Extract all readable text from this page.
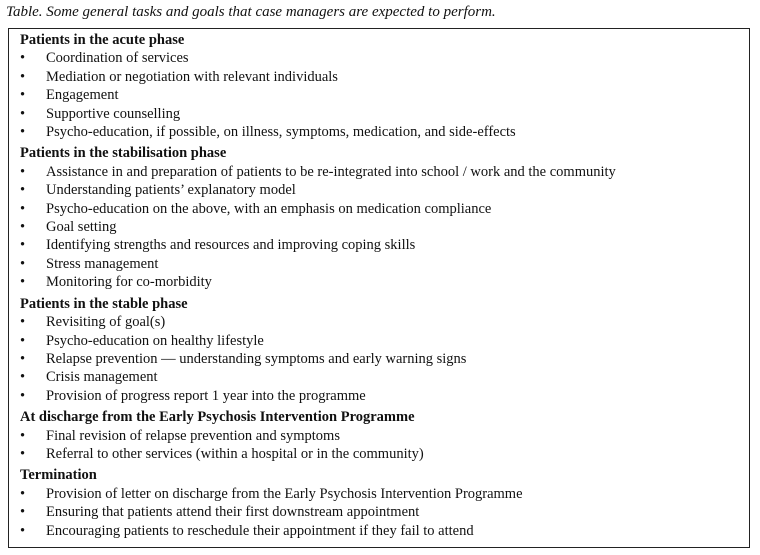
Table. Some general tasks and goals that case managers are expected to perform.
Patients in the acute phase
•	Coordination of services
•	Mediation or negotiation with relevant individuals
•	Engagement
•	Supportive counselling
•	Psycho-education, if possible, on illness, symptoms, medication, and side-effects
Patients in the stabilisation phase
•	Assistance in and preparation of patients to be re-integrated into school / work and the community
•	Understanding patients’ explanatory model
•	Psycho-education on the above, with an emphasis on medication compliance
•	Goal setting
•	Identifying strengths and resources and improving coping skills
•	Stress management
•	Monitoring for co-morbidity
Patients in the stable phase
•	Revisiting of goal(s)
•	Psycho-education on healthy lifestyle
•	Relapse prevention — understanding symptoms and early warning signs
•	Crisis management
•	Provision of progress report 1 year into the programme
At discharge from the Early Psychosis Intervention Programme
•	Final revision of relapse prevention and symptoms
•	Referral to other services (within a hospital or in the community)
Termination
•	Provision of letter on discharge from the Early Psychosis Intervention Programme
•	Ensuring that patients attend their first downstream appointment
•	Encouraging patients to reschedule their appointment if they fail to attend
